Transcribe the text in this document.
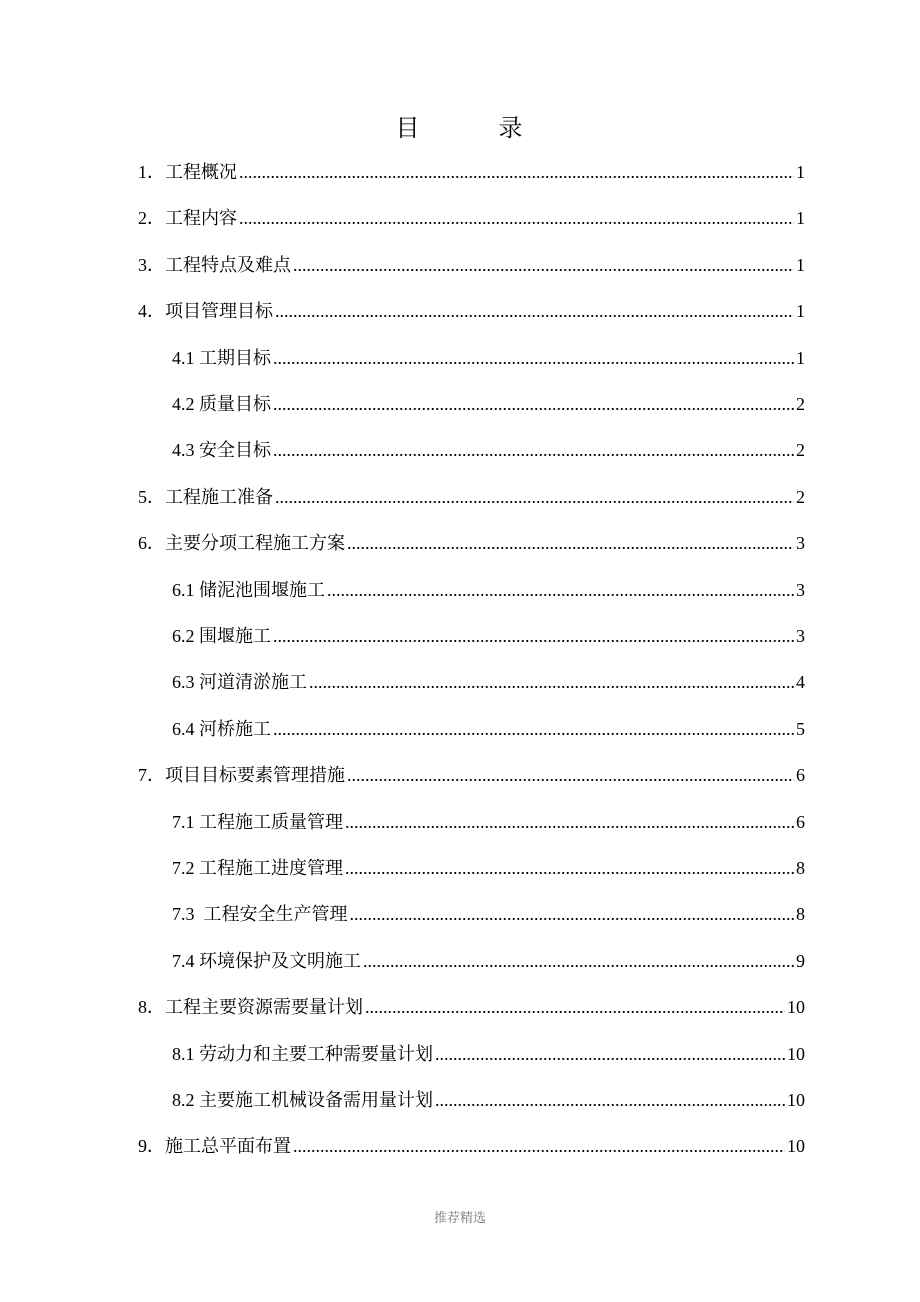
目        录
1． 工程概况 .....	1
2． 工程内容 .....	1
3． 工程特点及难点 .....	1
4． 项目管理目标 .....	1
4.1 工期目标 .....	1
4.2 质量目标 .....	2
4.3 安全目标 .....	2
5． 工程施工准备 .....	2
6． 主要分项工程施工方案 .....	3
6.1 储泥池围堰施工 .....	3
6.2 围堰施工 .....	3
6.3 河道清淤施工 .....	4
6.4 河桥施工 .....	5
7． 项目目标要素管理措施 .....	6
7.1 工程施工质量管理 .....	6
7.2 工程施工进度管理 .....	8
7.3 工程安全生产管理 .....	8
7.4 环境保护及文明施工 .....	9
8． 工程主要资源需要量计划 .....	10
8.1 劳动力和主要工种需要量计划 .....	10
8.2 主要施工机械设备需用量计划 .....	10
9． 施工总平面布置 .....	10
推荐精选
